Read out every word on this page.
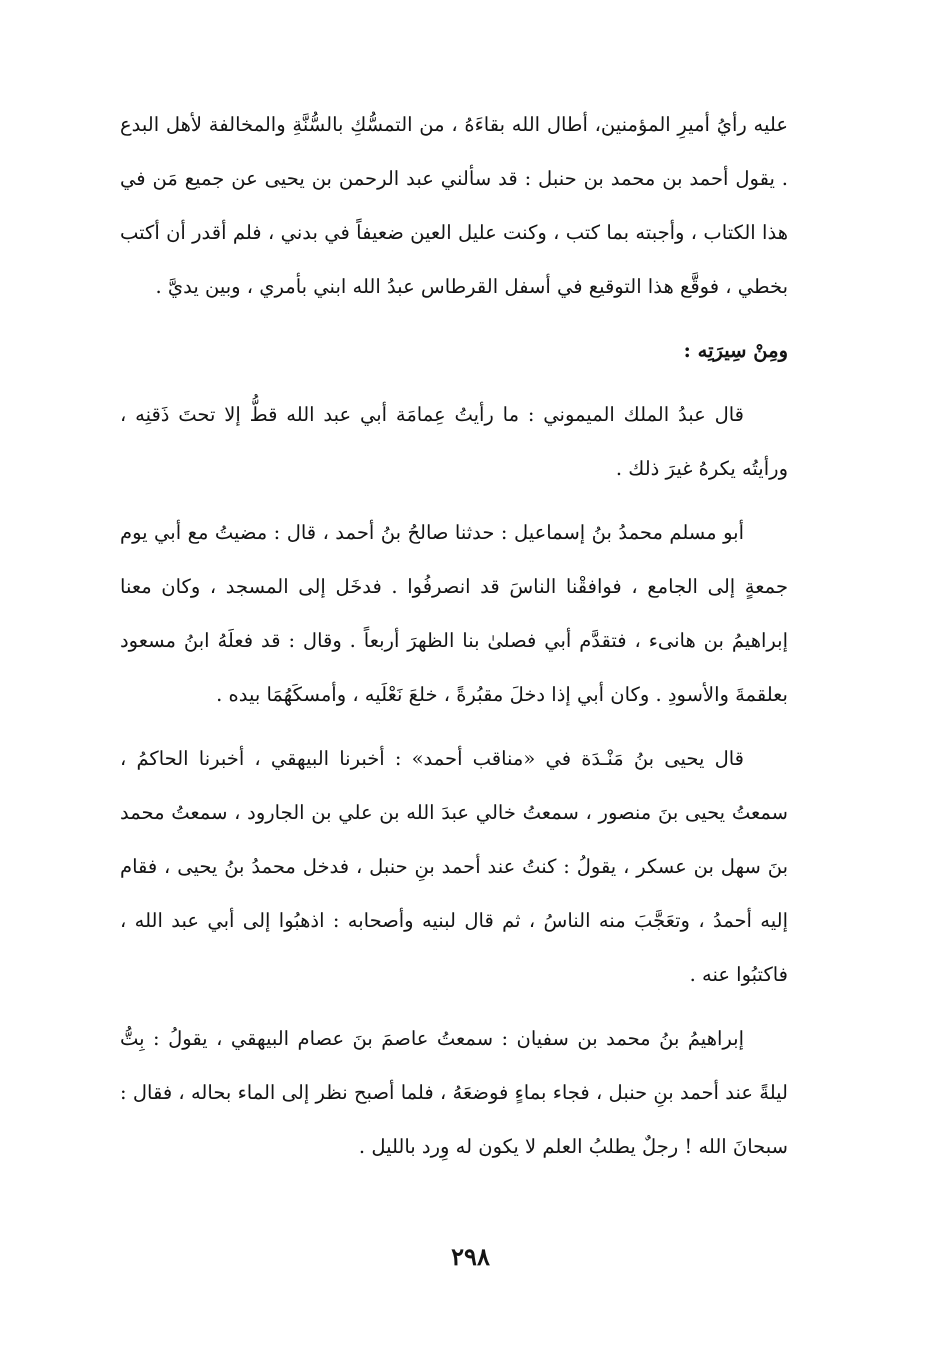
عليه رأيُ أميرِ المؤمنين، أطال الله بقاءَهُ ، من التمسُّكِ بالسُّنَّةِ والمخالفة لأهل البدع . يقول أحمد بن محمد بن حنبل : قد سألني عبد الرحمن بن يحيى عن جميع مَن في هذا الكتاب ، وأجبته بما كتب ، وكنت عليل العين ضعيفاً في بدني ، فلم أقدر أن أكتب بخطي ، فوقَّع هذا التوقيع في أسفل القرطاس عبدُ الله ابني بأمري ، وبين يديَّ .

ومِنْ سِيرَتِه :

قال عبدُ الملك الميموني : ما رأيتُ عِمامَة أبي عبد الله قطُّ إلا تحتَ ذَقنِه ، ورأيتُه يكرهُ غيرَ ذلك .

أبو مسلم محمدُ بنُ إسماعيل : حدثنا صالحُ بنُ أحمد ، قال : مضيتُ مع أبي يوم جمعةٍ إلى الجامع ، فوافقْنا الناسَ قد انصرفُوا . فدخَل إلى المسجد ، وكان معنا إبراهيمُ بن هانىء ، فتقدَّم أبي فصلىٰ بنا الظهرَ أربعاً . وقال : قد فعلَهُ ابنُ مسعود بعلقمةَ والأسودِ . وكان أبي إذا دخلَ مقبُرةً ، خلعَ نَعْلَيه ، وأمسكَهُمَا بيده .

قال يحيى بنُ مَنْـدَة في «مناقب أحمد» : أخبرنا البيهقي ، أخبرنا الحاكمُ ، سمعتُ يحيى بنَ منصور ، سمعتُ خالي عبدَ الله بن علي بن الجارود ، سمعتُ محمد بنَ سهل بن عسكر ، يقولُ : كنتُ عند أحمد بنِ حنبل ، فدخل محمدُ بنُ يحيى ، فقام إليه أحمدُ ، وتعَجَّبَ منه الناسُ ، ثم قال لبنيه وأصحابه : اذهبُوا إلى أبي عبد الله ، فاكتبُوا عنه .

إبراهيمُ بنُ محمد بن سفيان : سمعتُ عاصمَ بنَ عصام البيهقي ، يقولُ : بِتُّ ليلةً عند أحمد بنِ حنبل ، فجاء بماءٍ فوضعَهُ ، فلما أصبح نظر إلى الماء بحاله ، فقال : سبحانَ الله ! رجلٌ يطلبُ العلم لا يكون له وِرد بالليل .

٢٩٨
